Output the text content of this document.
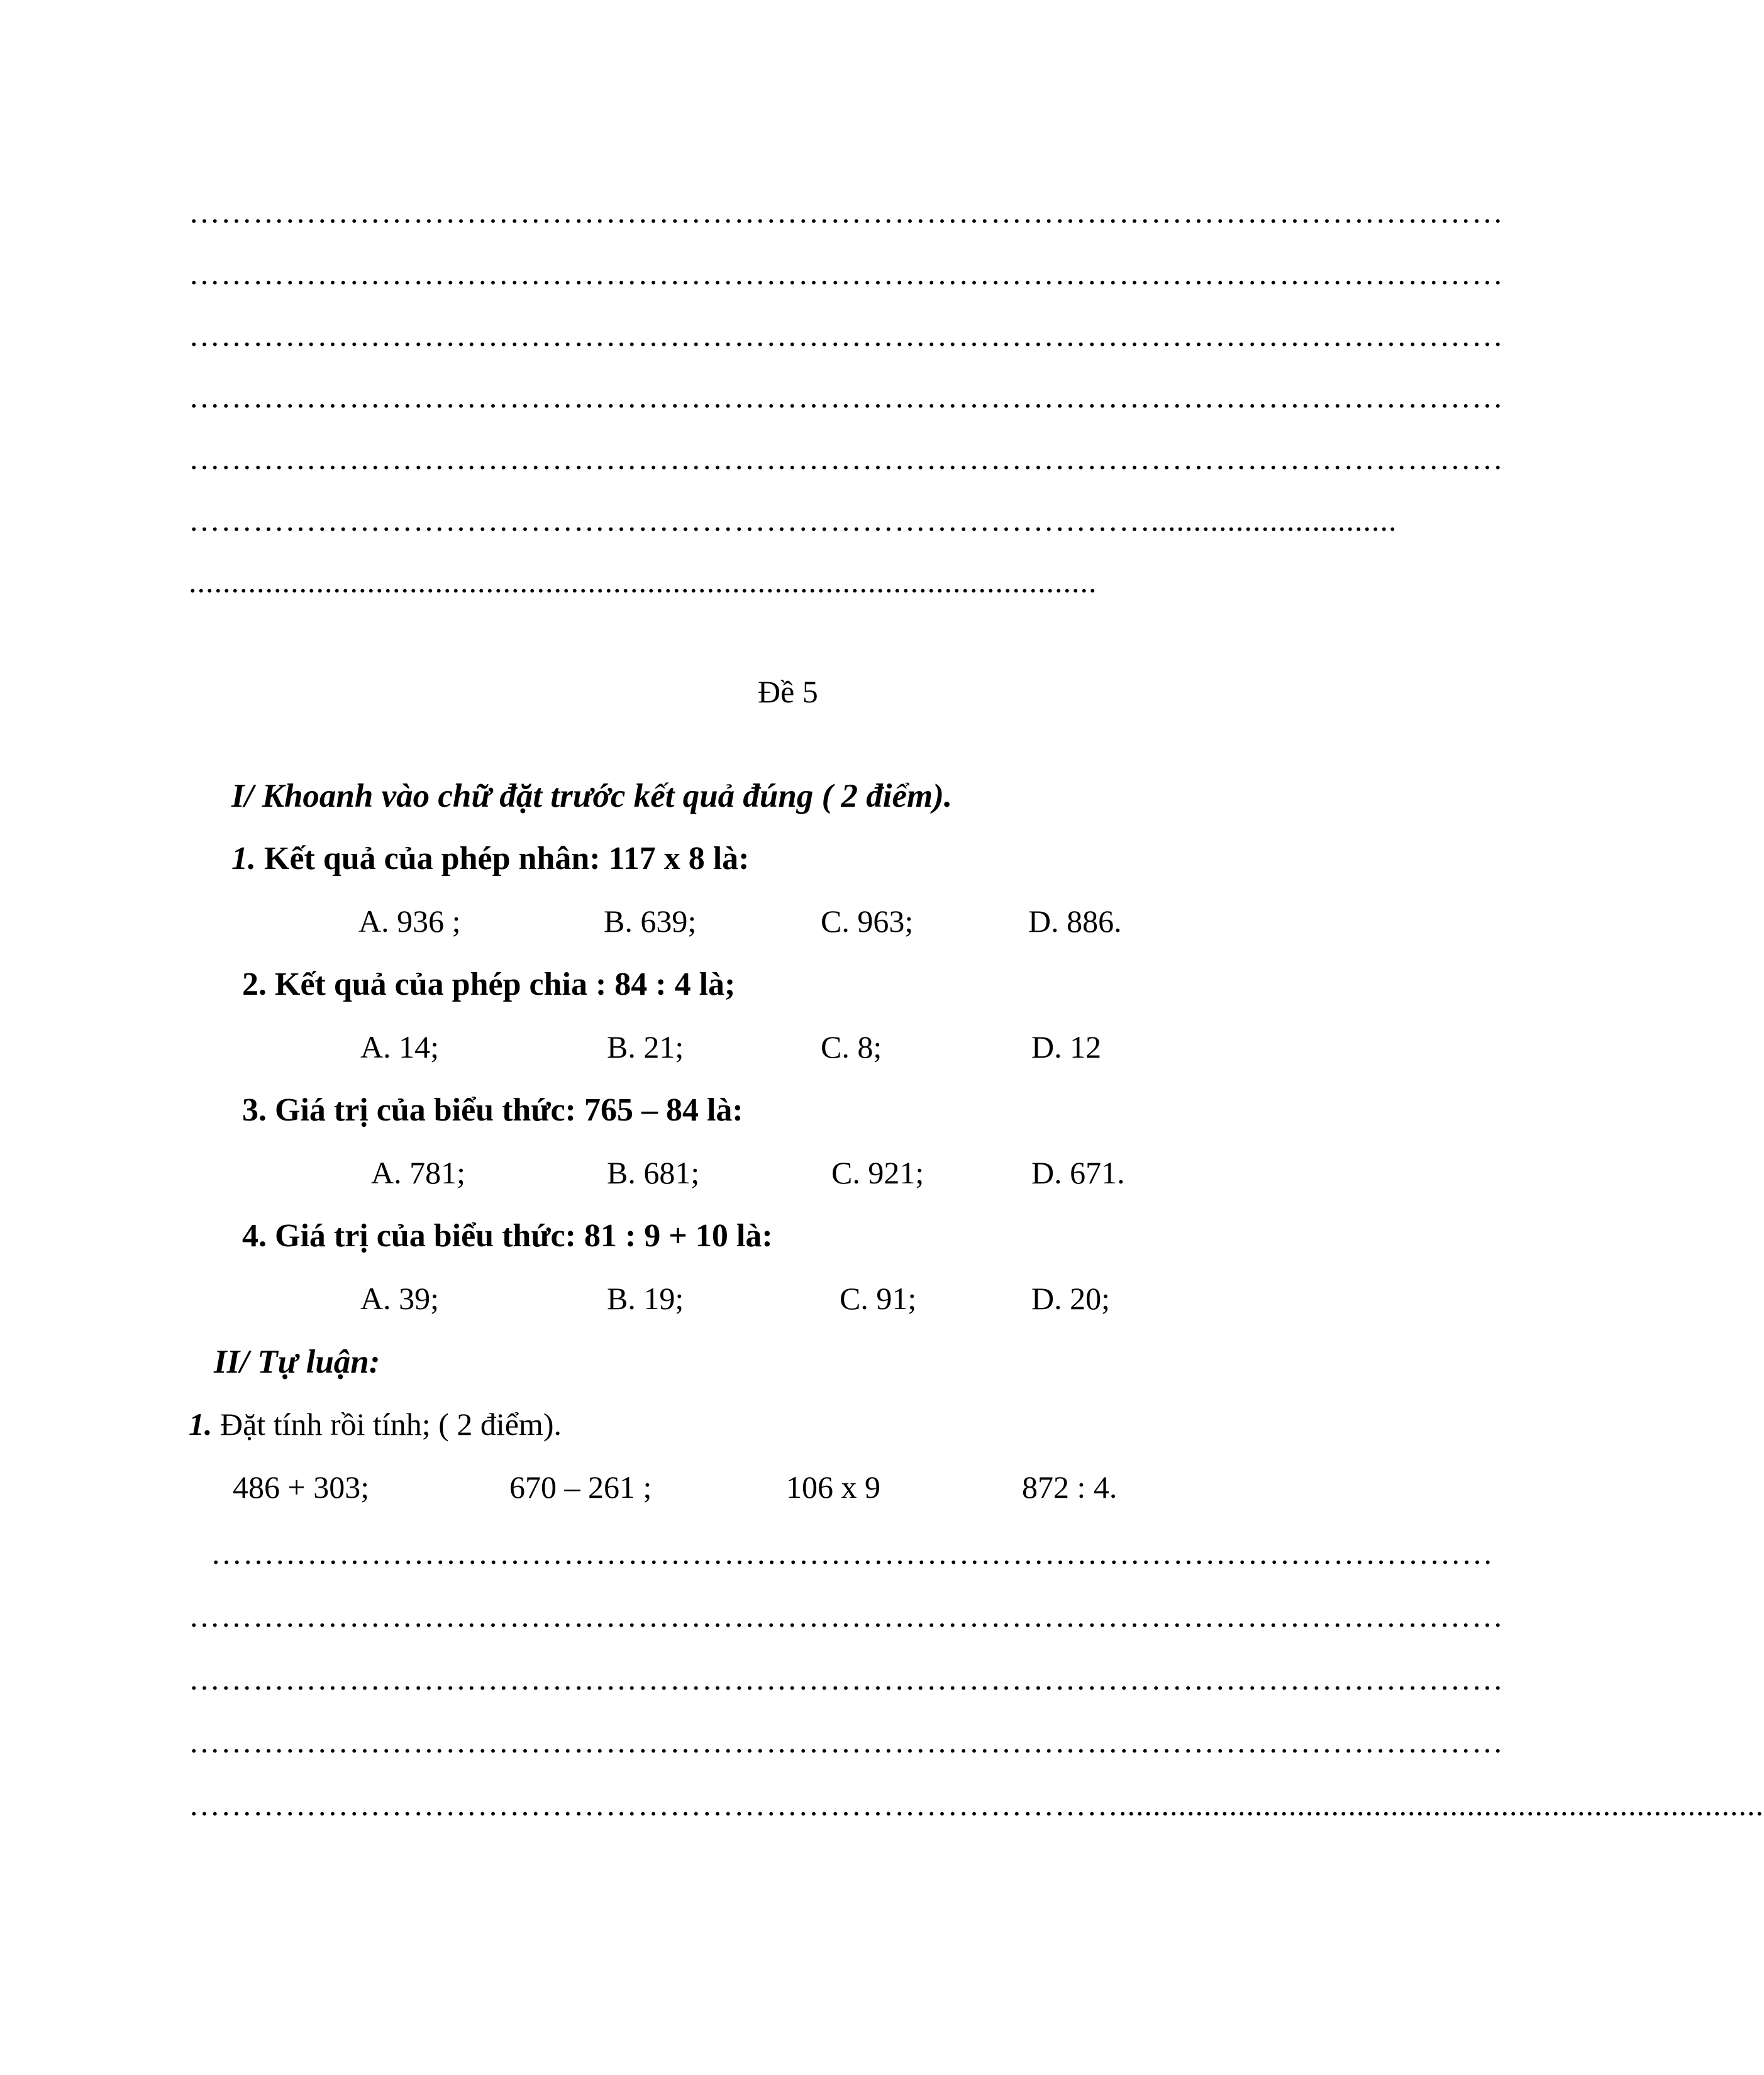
……………………………………………………………………………………………………………
……………………………………………………………………………………………………………
……………………………………………………………………………………………………………
……………………………………………………………………………………………………………
……………………………………………………………………………………………………………
……………………………………………………………………………….............................
...........................................................................................................
Đề 5
I/ Khoanh vào chữ đặt trước kết quả đúng ( 2 điểm).
1. Kết quả của phép nhân: 117 x 8 là:
A. 936 ;	B. 639;	C. 963;	D. 886.
2. Kết quả của phép chia : 84 : 4 là;
A. 14;	B. 21;	C. 8;	D. 12
3. Giá trị của biểu thức: 765 – 84 là:
A. 781;	B. 681;	C. 921;	D. 671.
4. Giá trị của biểu thức: 81 : 9 + 10 là:
A. 39;	B. 19;	C. 91;	D. 20;
II/ Tự luận:
1. Đặt tính rồi tính; ( 2 điểm).
486 + 303;	670 – 261 ;	106 x 9	872 : 4.
…………………………………………………………………………………………………………
……………………………………………………………………………………………………………
……………………………………………………………………………………………………………
……………………………………………………………………………………………………………
……………………………………………………………………………............................................................................
